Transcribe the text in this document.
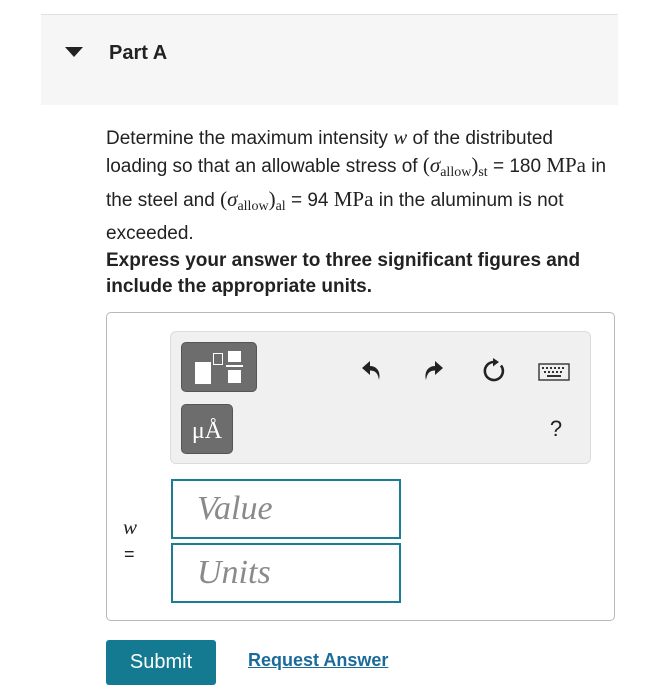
Part A
Determine the maximum intensity w of the distributed loading so that an allowable stress of $(\sigma_{allow})_{st} = 180$ MPa in the steel and $(\sigma_{allow})_{al} = 94$ MPa in the aluminum is not exceeded.
Express your answer to three significant figures and include the appropriate units.
μÅ	?
w
=
Value
Units
Submit	Request Answer
